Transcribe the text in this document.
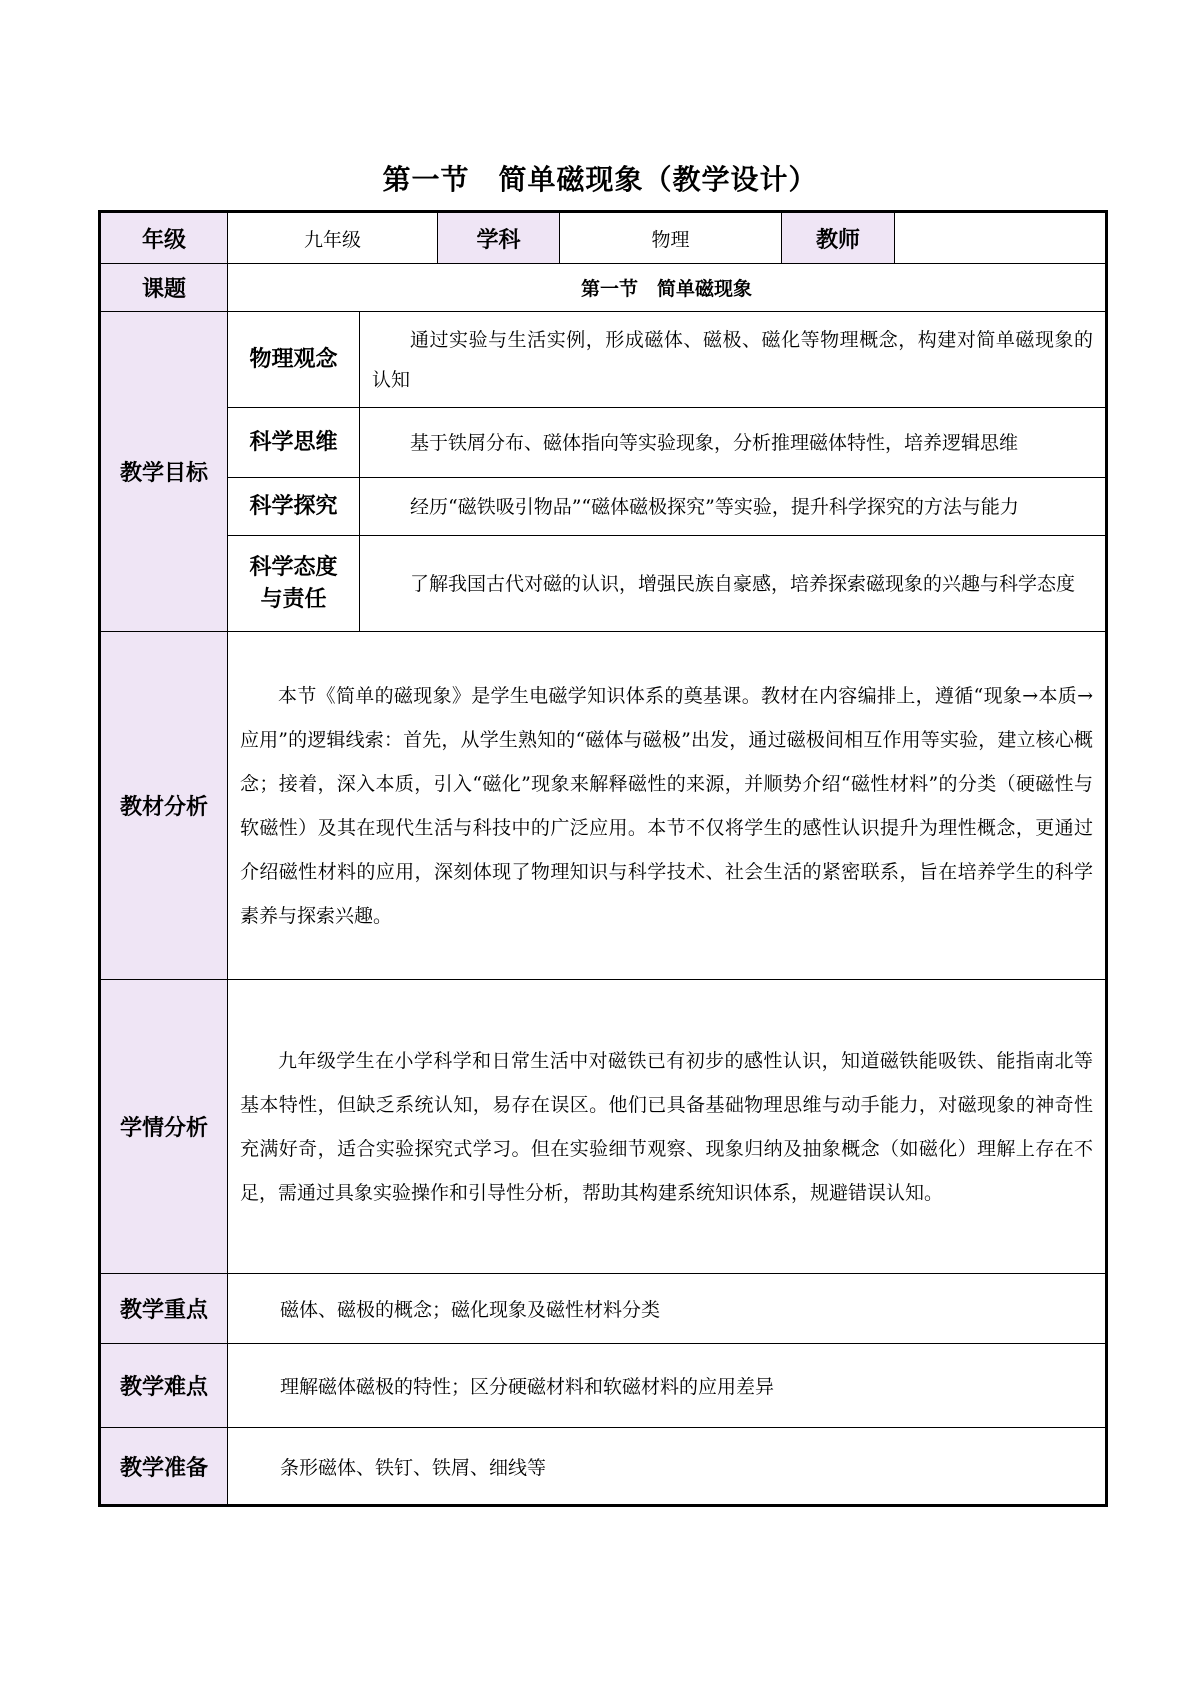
第一节　简单磁现象（教学设计）
年级	九年级		学科	物理	教师	
课题	第一节　简单磁现象					
教学目标	物理观念	通过实验与生活实例，形成磁体、磁极、磁化等物理概念，构建对简单磁现象的认知				
	科学思维	基于铁屑分布、磁体指向等实验现象，分析推理磁体特性，培养逻辑思维				
	科学探究	经历“磁铁吸引物品”“磁体磁极探究”等实验，提升科学探究的方法与能力				
	科学态度与责任	了解我国古代对磁的认识，增强民族自豪感，培养探索磁现象的兴趣与科学态度				
教材分析	本节《简单的磁现象》是学生电磁学知识体系的奠基课。教材在内容编排上，遵循“现象→本质→应用”的逻辑线索：首先，从学生熟知的“磁体与磁极”出发，通过磁极间相互作用等实验，建立核心概念；接着，深入本质，引入“磁化”现象来解释磁性的来源，并顺势介绍“磁性材料”的分类（硬磁性与软磁性）及其在现代生活与科技中的广泛应用。本节不仅将学生的感性认识提升为理性概念，更通过介绍磁性材料的应用，深刻体现了物理知识与科学技术、社会生活的紧密联系，旨在培养学生的科学素养与探索兴趣。					
学情分析	九年级学生在小学科学和日常生活中对磁铁已有初步的感性认识，知道磁铁能吸铁、能指南北等基本特性，但缺乏系统认知，易存在误区。他们已具备基础物理思维与动手能力，对磁现象的神奇性充满好奇，适合实验探究式学习。但在实验细节观察、现象归纳及抽象概念（如磁化）理解上存在不足，需通过具象实验操作和引导性分析，帮助其构建系统知识体系，规避错误认知。					
教学重点	磁体、磁极的概念；磁化现象及磁性材料分类					
教学难点	理解磁体磁极的特性；区分硬磁材料和软磁材料的应用差异					
教学准备	条形磁体、铁钉、铁屑、细线等					
